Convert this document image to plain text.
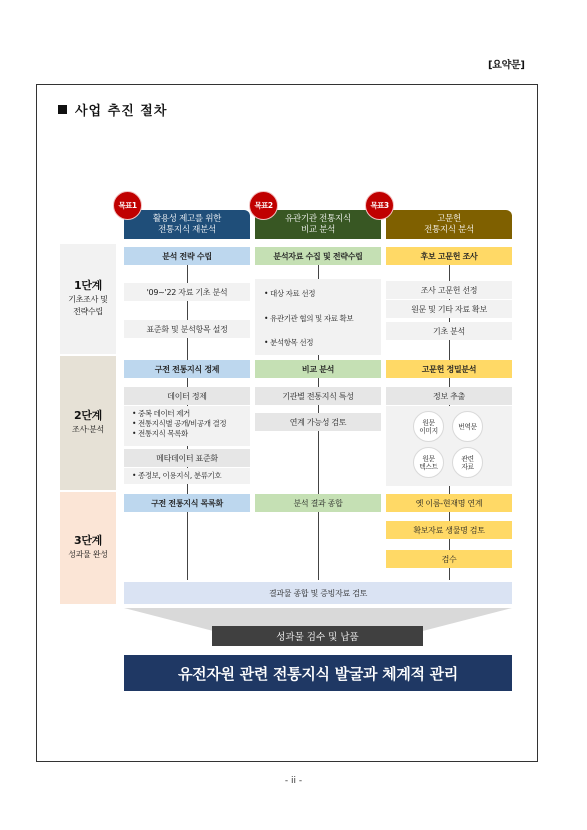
[요약문]
사업 추진 절차
1단계
기초조사 및 전략수립
2단계
조사·분석
3단계
성과물 완성
활용성 제고를 위한
전통지식 재분석
유관기관 전통지식
비교 분석
고문헌
전통지식 분석
목표1	목표2	목표3
분석 전략 수립
'09~'22 자료 기초 분석
표준화 및 분석항목 설정
구전 전통지식 정제
데이터 정제
• 중복 데이터 제거
• 전통지식별 공개/비공개 결정
• 전통지식 목록화
메타데이터 표준화
• 종정보, 이용지식, 분류기호
구전 전통지식 목록화
분석자료 수집 및 전략수립
• 대상 자료 선정
• 유관기관 협의 및 자료 확보
• 분석항목 선정
비교 분석
기관별 전통지식 특성
연계 가능성 검토
분석 결과 종합
후보 고문헌 조사
조사 고문헌 선정
원문 및 기타 자료 확보
기초 분석
고문헌 정밀분석
정보 추출
원문
이미지	번역문
원문
텍스트
관련
자료
옛 이름-현재명 연계
확보자료 생물명 검토
검수
결과물 종합 및 증빙자료 검토
성과물 검수 및 납품
유전자원 관련 전통지식 발굴과 체계적 관리
- ii -
